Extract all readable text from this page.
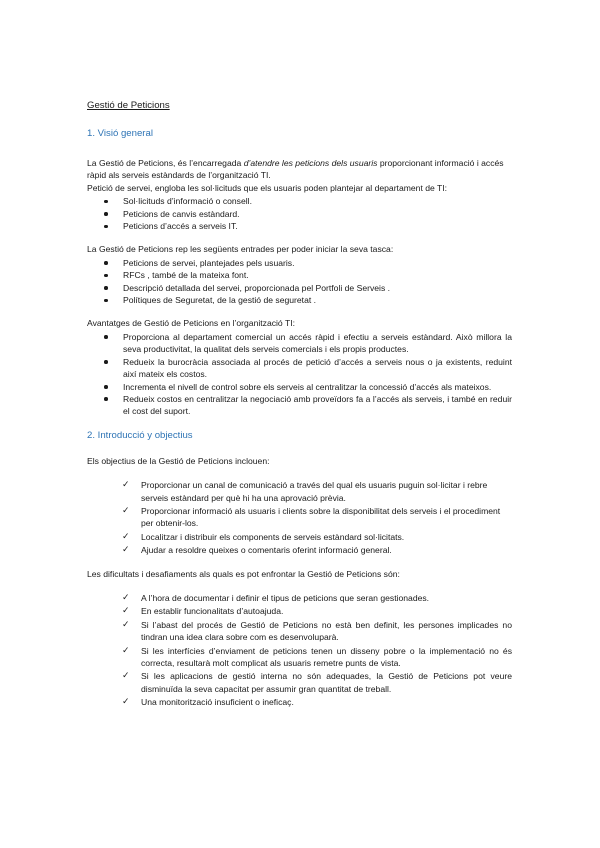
Gestió de Peticions
1. Visió general

La Gestió de Peticions, és l’encarregada d’atendre les peticions dels usuaris proporcionant informació i accés ràpid als serveis estàndards de l’organització TI.

Petició de servei, engloba les sol·licituds que els usuaris poden plantejar al departament de TI:

Sol·licituds d’informació o consell.
Peticions de canvis estàndard.
Peticions d’accés a serveis IT.

La Gestió de Peticions rep les següents entrades per poder iniciar la seva tasca:

Peticions de servei, plantejades pels usuaris.
RFCs , també de la mateixa font.
Descripció detallada del servei, proporcionada pel Portfoli de Serveis .
Polítiques de Seguretat, de la gestió de seguretat .

Avantatges de Gestió de Peticions en l’organització TI:

Proporciona al departament comercial un accés ràpid i efectiu a serveis estàndard. Això millora la seva productivitat, la qualitat dels serveis comercials i els propis productes.
Redueix la burocràcia associada al procés de petició d’accés a serveis nous o ja existents, reduint així mateix els costos.
Incrementa el nivell de control sobre els serveis al centralitzar la concessió d’accés als mateixos.
Redueix costos en centralitzar la negociació amb proveïdors fa a l’accés als serveis, i també en reduir el cost del suport.
2. Introducció y objectius

Els objectius de la Gestió de Peticions inclouen:

✓ Proporcionar un canal de comunicació a través del qual els usuaris puguin sol·licitar i rebre serveis estàndard per què hi ha una aprovació prèvia.
✓ Proporcionar informació als usuaris i clients sobre la disponibilitat dels serveis i el procediment per obtenir-los.
✓ Localitzar i distribuir els components de serveis estàndard sol·licitats.
✓ Ajudar a resoldre queixes o comentaris oferint informació general.

Les dificultats i desafiaments als quals es pot enfrontar la Gestió de Peticions són:

✓ A l’hora de documentar i definir el tipus de peticions que seran gestionades.
✓ En establir funcionalitats d’autoajuda.
✓ Si l’abast del procés de Gestió de Peticions no està ben definit, les persones implicades no tindran una idea clara sobre com es desenvoluparà.
✓ Si les interfícies d’enviament de peticions tenen un disseny pobre o la implementació no és correcta, resultarà molt complicat als usuaris remetre punts de vista.
✓ Si les aplicacions de gestió interna no són adequades, la Gestió de Peticions pot veure disminuïda la seva capacitat per assumir gran quantitat de treball.
✓ Una monitorització insuficient o ineficaç.
